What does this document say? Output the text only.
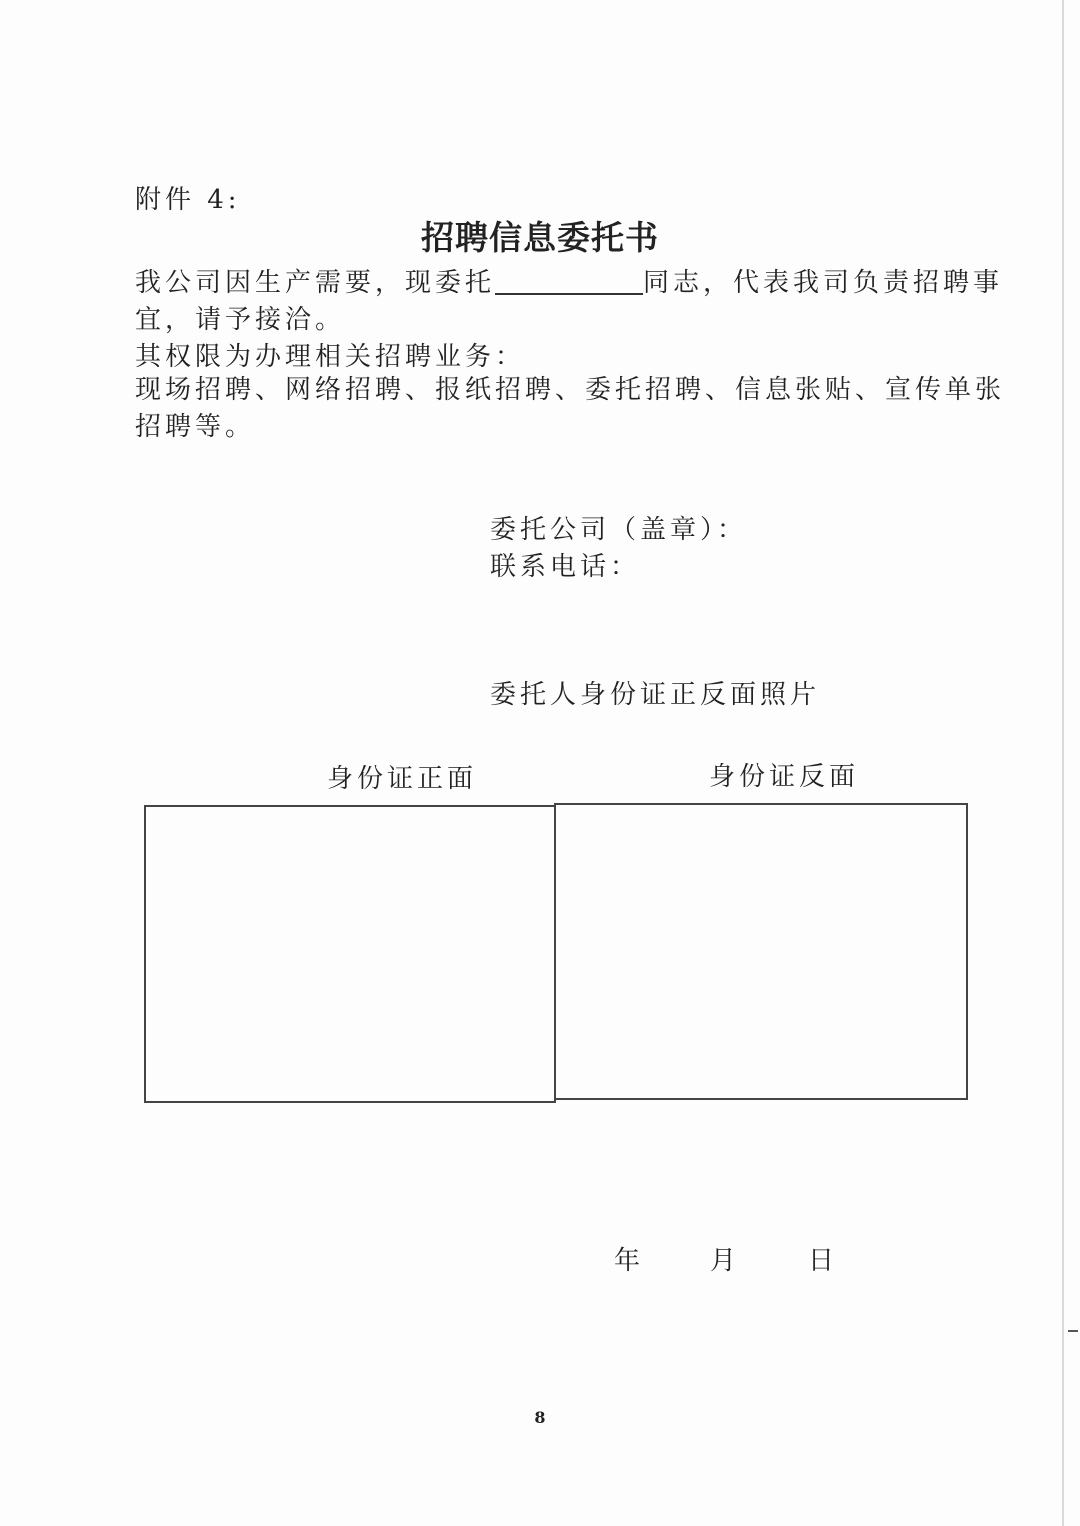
附件 4:
招聘信息委托书
我公司因生产需要，现委托	同志，代表我司负责招聘事
宜，请予接洽。
其权限为办理相关招聘业务：
现场招聘、网络招聘、报纸招聘、委托招聘、信息张贴、宣传单张
招聘等。
委托公司（盖章）：
联系电话：
委托人身份证正反面照片
身份证正面	身份证反面
年	月	日
8
